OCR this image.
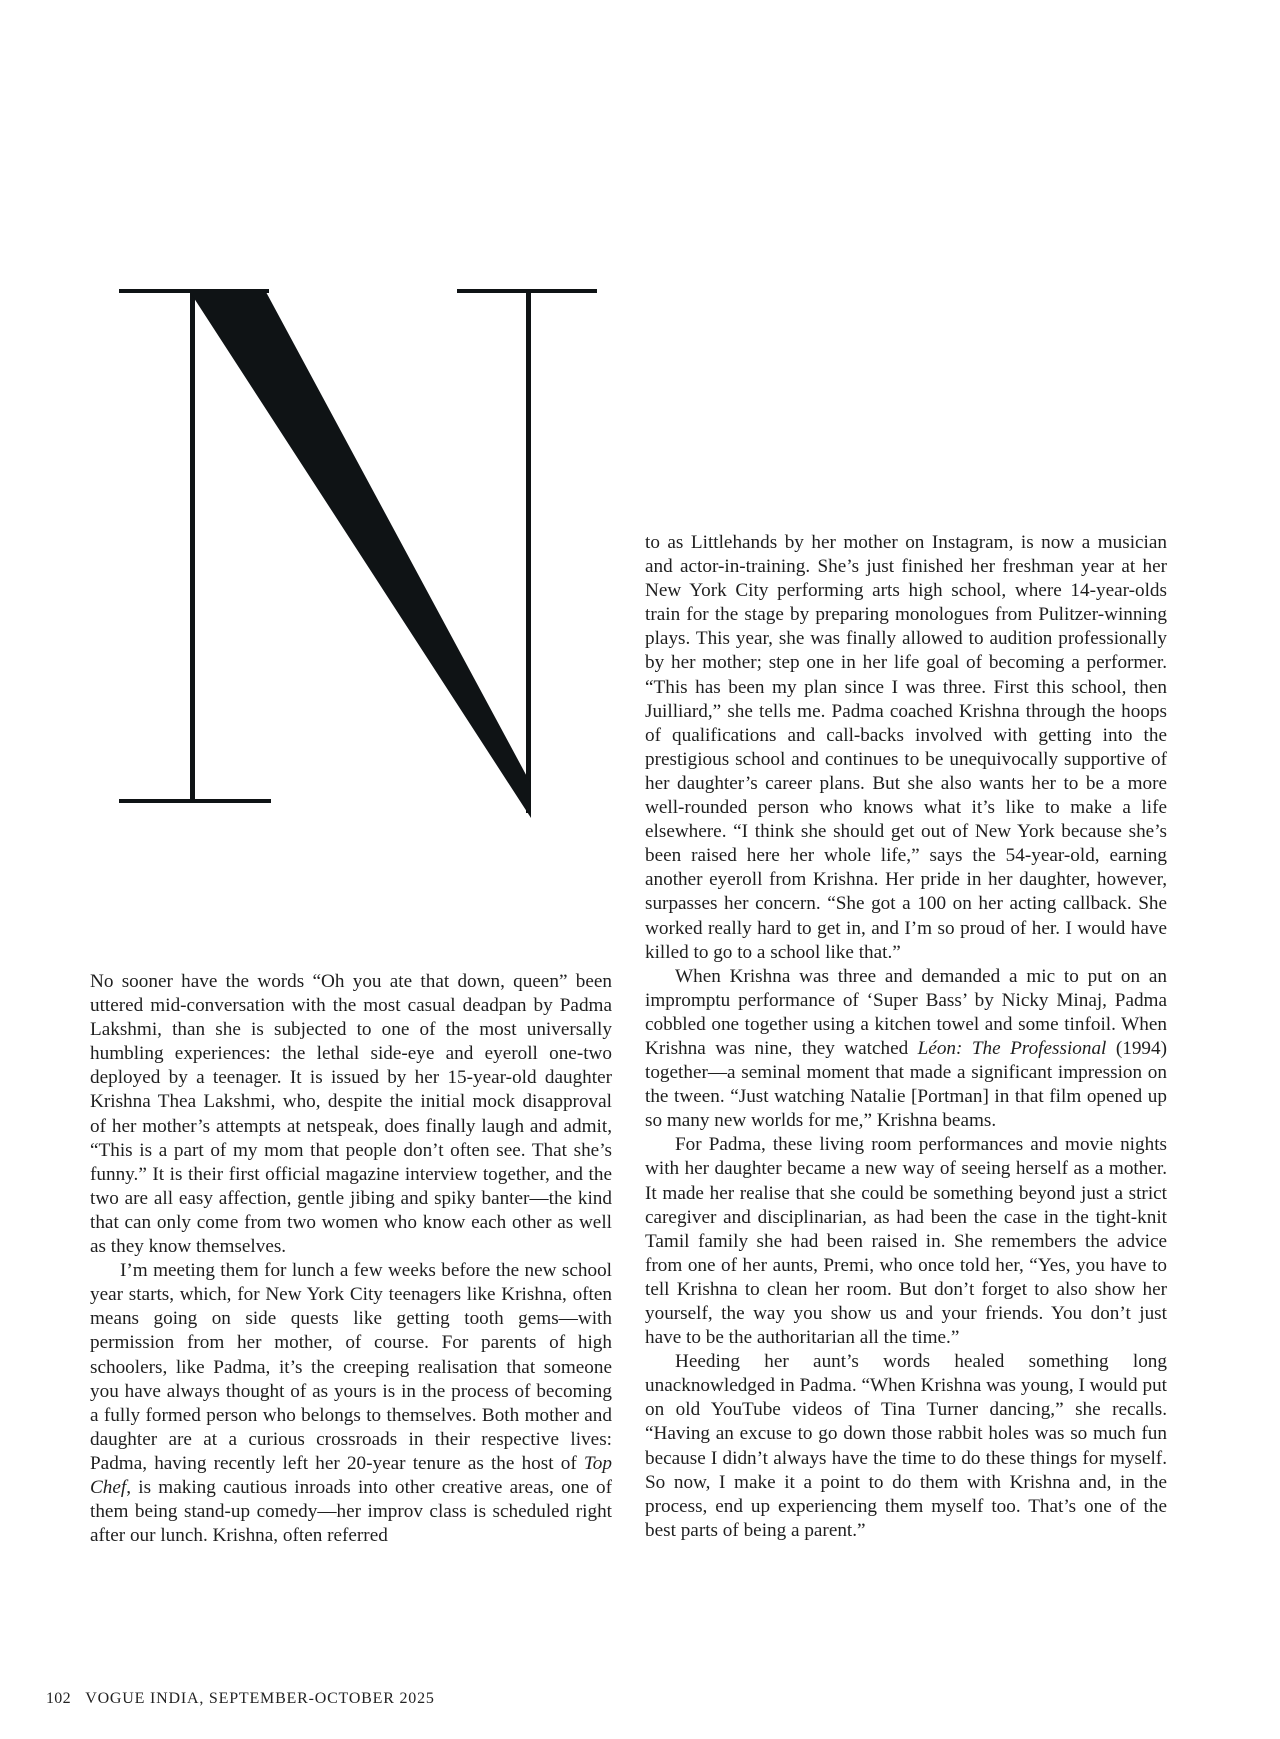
No sooner have the words “Oh you ate that down, queen” been uttered mid-conversation with the most casual deadpan by Padma Lakshmi, than she is subjected to one of the most universally humbling experiences: the lethal side-eye and eyeroll one-two deployed by a teenager. It is issued by her 15-year-old daughter Krishna Thea Lakshmi, who, despite the initial mock disapproval of her mother’s attempts at netspeak, does finally laugh and admit, “This is a part of my mom that people don’t often see. That she’s funny.” It is their first official magazine interview together, and the two are all easy affection, gentle jibing and spiky banter—the kind that can only come from two women who know each other as well as they know themselves.

I’m meeting them for lunch a few weeks before the new school year starts, which, for New York City teenagers like Krishna, often means going on side quests like getting tooth gems—with permission from her mother, of course. For parents of high schoolers, like Padma, it’s the creeping realisation that someone you have always thought of as yours is in the process of becoming a fully formed person who belongs to themselves. Both mother and daughter are at a curious crossroads in their respective lives: Padma, having recently left her 20-year tenure as the host of Top Chef, is making cautious inroads into other creative areas, one of them being stand-up comedy—her improv class is scheduled right after our lunch. Krishna, often referred

to as Littlehands by her mother on Instagram, is now a musician and actor-in-training. She’s just finished her freshman year at her New York City performing arts high school, where 14-year-olds train for the stage by preparing monologues from Pulitzer-winning plays. This year, she was finally allowed to audition professionally by her mother; step one in her life goal of becoming a performer. “This has been my plan since I was three. First this school, then Juilliard,” she tells me. Padma coached Krishna through the hoops of qualifications and call-backs involved with getting into the prestigious school and continues to be unequivocally supportive of her daughter’s career plans. But she also wants her to be a more well-rounded person who knows what it’s like to make a life elsewhere. “I think she should get out of New York because she’s been raised here her whole life,” says the 54-year-old, earning another eyeroll from Krishna. Her pride in her daughter, however, surpasses her concern. “She got a 100 on her acting callback. She worked really hard to get in, and I’m so proud of her. I would have killed to go to a school like that.”

When Krishna was three and demanded a mic to put on an impromptu performance of ‘Super Bass’ by Nicky Minaj, Padma cobbled one together using a kitchen towel and some tinfoil. When Krishna was nine, they watched Léon: The Professional (1994) together—a seminal moment that made a significant impression on the tween. “Just watching Natalie [Portman] in that film opened up so many new worlds for me,” Krishna beams.

For Padma, these living room performances and movie nights with her daughter became a new way of seeing herself as a mother. It made her realise that she could be something beyond just a strict caregiver and disciplinarian, as had been the case in the tight-knit Tamil family she had been raised in. She remembers the advice from one of her aunts, Premi, who once told her, “Yes, you have to tell Krishna to clean her room. But don’t forget to also show her yourself, the way you show us and your friends. You don’t just have to be the authoritarian all the time.”

Heeding her aunt’s words healed something long unacknowledged in Padma. “When Krishna was young, I would put on old YouTube videos of Tina Turner dancing,” she recalls. “Having an excuse to go down those rabbit holes was so much fun because I didn’t always have the time to do these things for myself. So now, I make it a point to do them with Krishna and, in the process, end up experiencing them myself too. That’s one of the best parts of being a parent.”

102 VOGUE INDIA, SEPTEMBER-OCTOBER 2025
